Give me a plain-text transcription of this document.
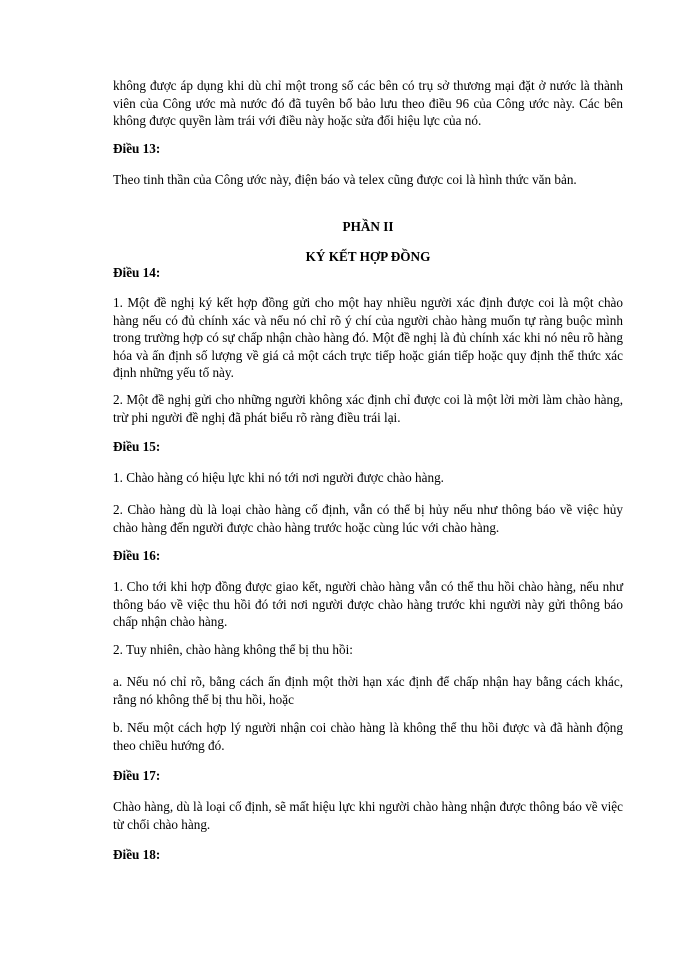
không được áp dụng khi dù chỉ một trong số các bên có trụ sở thương mại đặt ở nước là thành viên của Công ước mà nước đó đã tuyên bố bảo lưu theo điều 96 của Công ước này. Các bên không được quyền làm trái với điều này hoặc sửa đổi hiệu lực của nó.

Điều 13:

Theo tinh thần của Công ước này, điện báo và telex cũng được coi là hình thức văn bản.

PHẦN II
KÝ KẾT HỢP ĐỒNG

Điều 14:

1. Một đề nghị ký kết hợp đồng gửi cho một hay nhiều người xác định được coi là một chào hàng nếu có đủ chính xác và nếu nó chỉ rõ ý chí của người chào hàng muốn tự ràng buộc mình trong trường hợp có sự chấp nhận chào hàng đó. Một đề nghị là đủ chính xác khi nó nêu rõ hàng hóa và ấn định số lượng về giá cả một cách trực tiếp hoặc gián tiếp hoặc quy định thể thức xác định những yếu tố này.

2. Một đề nghị gửi cho những người không xác định chỉ được coi là một lời mời làm chào hàng, trừ phi người đề nghị đã phát biểu rõ ràng điều trái lại.

Điều 15:

1. Chào hàng có hiệu lực khi nó tới nơi người được chào hàng.

2. Chào hàng dù là loại chào hàng cố định, vẫn có thể bị hủy nếu như thông báo về việc hủy chào hàng đến người được chào hàng trước hoặc cùng lúc với chào hàng.

Điều 16:

1. Cho tới khi hợp đồng được giao kết, người chào hàng vẫn có thể thu hồi chào hàng, nếu như thông báo về việc thu hồi đó tới nơi người được chào hàng trước khi người này gửi thông báo chấp nhận chào hàng.

2. Tuy nhiên, chào hàng không thể bị thu hồi:

a. Nếu nó chỉ rõ, bằng cách ấn định một thời hạn xác định để chấp nhận hay bằng cách khác, rằng nó không thể bị thu hồi, hoặc

b. Nếu một cách hợp lý người nhận coi chào hàng là không thể thu hồi được và đã hành động theo chiều hướng đó.

Điều 17:

Chào hàng, dù là loại cố định, sẽ mất hiệu lực khi người chào hàng nhận được thông báo về việc từ chối chào hàng.

Điều 18:
